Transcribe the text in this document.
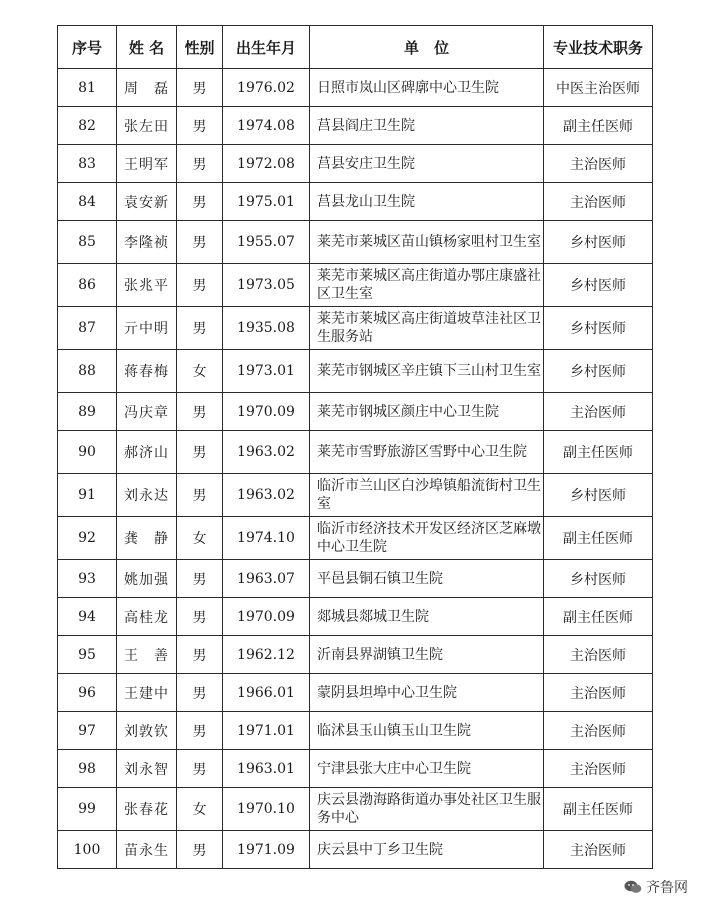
序号	姓 名	性别	出生年月	单　位	专业技术职务
81	周　磊	男	1976.02	日照市岚山区碑廓中心卫生院	中医主治医师
82	张左田	男	1974.08	莒县阎庄卫生院	副主任医师
83	王明军	男	1972.08	莒县安庄卫生院	主治医师
84	袁安新	男	1975.01	莒县龙山卫生院	主治医师
85	李隆祯	男	1955.07	莱芜市莱城区苗山镇杨家咀村卫生室	乡村医师
86	张兆平	男	1973.05	莱芜市莱城区高庄街道办鄂庄康盛社区卫生室	乡村医师
87	亓中明	男	1935.08	莱芜市莱城区高庄街道坡草洼社区卫生服务站	乡村医师
88	蒋春梅	女	1973.01	莱芜市钢城区辛庄镇下三山村卫生室	乡村医师
89	冯庆章	男	1970.09	莱芜市钢城区颜庄中心卫生院	主治医师
90	郝济山	男	1963.02	莱芜市雪野旅游区雪野中心卫生院	副主任医师
91	刘永达	男	1963.02	临沂市兰山区白沙埠镇船流街村卫生室	乡村医师
92	龚　静	女	1974.10	临沂市经济技术开发区经济区芝麻墩中心卫生院	副主任医师
93	姚加强	男	1963.07	平邑县铜石镇卫生院	乡村医师
94	高桂龙	男	1970.09	郯城县郯城卫生院	副主任医师
95	王　善	男	1962.12	沂南县界湖镇卫生院	主治医师
96	王建中	男	1966.01	蒙阴县坦埠中心卫生院	主治医师
97	刘敦钦	男	1971.01	临沭县玉山镇玉山卫生院	主治医师
98	刘永智	男	1963.01	宁津县张大庄中心卫生院	主治医师
99	张春花	女	1970.10	庆云县渤海路街道办事处社区卫生服务中心	副主任医师
100	苗永生	男	1971.09	庆云县中丁乡卫生院	主治医师
齐鲁网
